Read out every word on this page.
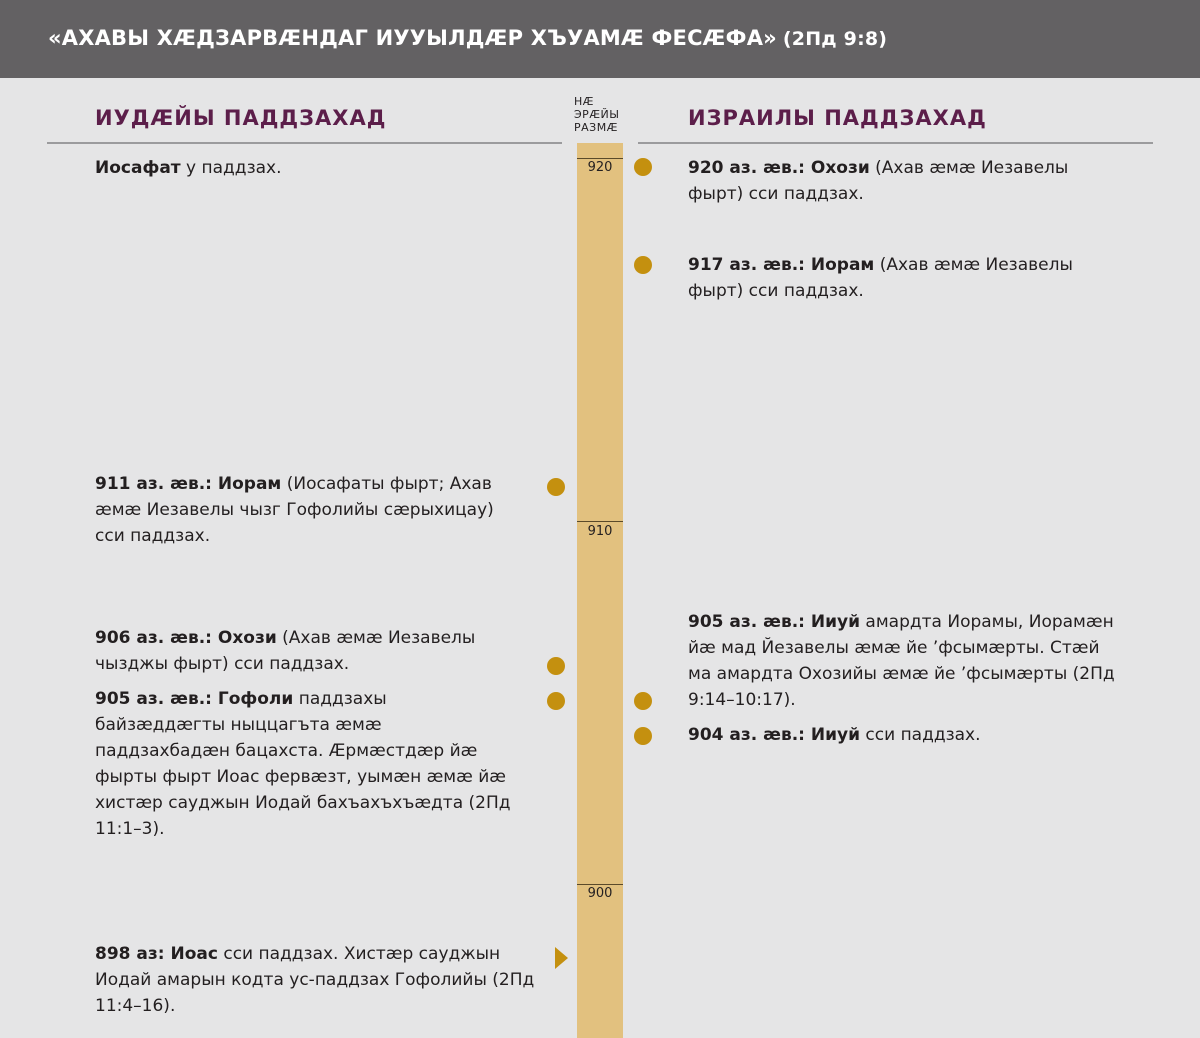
«АХАВЫ ХÆДЗАРВÆНДАГ ИУУЫЛДÆР ХЪУАМÆ ФЕСÆФА» (2Пд 9:8)
ИУДÆЙЫ ПАДДЗАХАД	ИЗРАИЛЫ ПАДДЗАХАД
НÆ
ЭРÆЙЫ
РАЗМÆ
920
910
900
Иосафат у паддзах.
911 аз. æв.: Иорам (Иосафаты фырт; Ахав æмæ Иезавелы чызг Гофолийы сæрыхицау) сси паддзах.
906 аз. æв.: Охози (Ахав æмæ Иезавелы чызджы фырт) сси паддзах.
905 аз. æв.: Гофоли паддзахы байзæддæгты ныццагъта æмæ паддзахбадæн бацахста. Æрмæстдæр йæ фырты фырт Иоас фервæзт, уымæн æмæ йæ хистæр сауджын Иодай бахъахъхъæдта (2Пд 11:1–3).
898 аз: Иоас сси паддзах. Хистæр сауджын Иодай амарын кодта ус-паддзах Гофолийы (2Пд 11:4–16).
920 аз. æв.: Охози (Ахав æмæ Иезавелы фырт) сси паддзах.
917 аз. æв.: Иорам (Ахав æмæ Иезавелы фырт) сси паддзах.
905 аз. æв.: Ииуй амардта Иорамы, Иорамæн йæ мад Йезавелы æмæ йе ’фсымæрты. Стæй ма амардта Охозийы æмæ йе ’фсымæрты (2Пд 9:14–10:17).
904 аз. æв.: Ииуй сси паддзах.
